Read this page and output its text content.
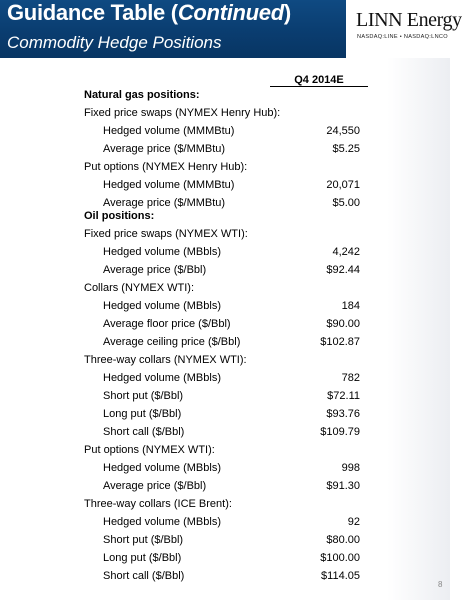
Guidance Table (Continued)
Commodity Hedge Positions
LINN Energy
NASDAQ:LINE • NASDAQ:LNCO
Q4 2014E
Natural gas positions:
Fixed price swaps (NYMEX Henry Hub):
Hedged volume (MMMBtu)	24,550
Average price ($/MMBtu)	$5.25
Put options (NYMEX Henry Hub):
Hedged volume (MMMBtu)	20,071
Average price ($/MMBtu)	$5.00
Oil positions:
Fixed price swaps (NYMEX WTI):
Hedged volume (MBbls)	4,242
Average price ($/Bbl)	$92.44
Collars (NYMEX WTI):
Hedged volume (MBbls)	184
Average floor price ($/Bbl)	$90.00
Average ceiling price ($/Bbl)	$102.87
Three-way collars (NYMEX WTI):
Hedged volume (MBbls)	782
Short put ($/Bbl)	$72.11
Long put ($/Bbl)	$93.76
Short call ($/Bbl)	$109.79
Put options (NYMEX WTI):
Hedged volume (MBbls)	998
Average price ($/Bbl)	$91.30
Three-way collars (ICE Brent):
Hedged volume (MBbls)	92
Short put ($/Bbl)	$80.00
Long put ($/Bbl)	$100.00
Short call ($/Bbl)	$114.05
8
